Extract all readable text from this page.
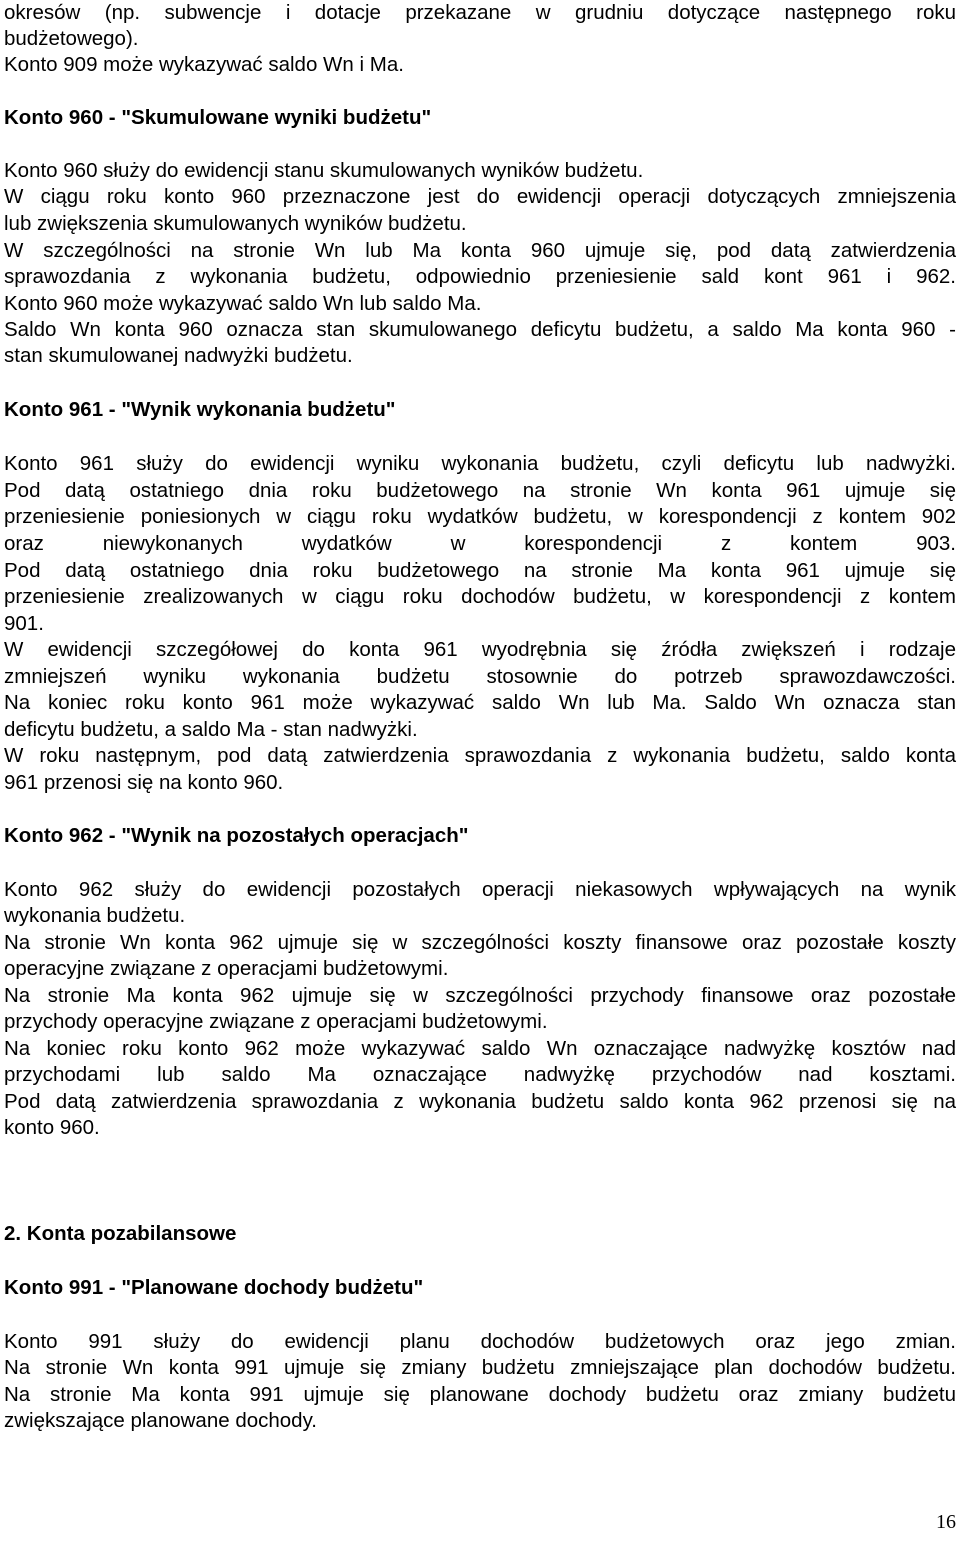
okresów (np. subwencje i dotacje przekazane w grudniu dotyczące następnego roku
budżetowego).
Konto 909 może wykazywać saldo Wn i Ma.
Konto 960 - "Skumulowane wyniki budżetu"
Konto 960 służy do ewidencji stanu skumulowanych wyników budżetu.
W ciągu roku konto 960 przeznaczone jest do ewidencji operacji dotyczących zmniejszenia
lub zwiększenia skumulowanych wyników budżetu.
W szczególności na stronie Wn lub Ma konta 960 ujmuje się, pod datą zatwierdzenia
sprawozdania z wykonania budżetu, odpowiednio przeniesienie sald kont 961 i 962.
Konto 960 może wykazywać saldo Wn lub saldo Ma.
Saldo Wn konta 960 oznacza stan skumulowanego deficytu budżetu, a saldo Ma konta 960 -
stan skumulowanej nadwyżki budżetu.
Konto 961 - "Wynik wykonania budżetu"
Konto 961 służy do ewidencji wyniku wykonania budżetu, czyli deficytu lub nadwyżki.
Pod datą ostatniego dnia roku budżetowego na stronie Wn konta 961 ujmuje się
przeniesienie poniesionych w ciągu roku wydatków budżetu, w korespondencji z kontem 902
oraz niewykonanych wydatków w korespondencji z kontem 903.
Pod datą ostatniego dnia roku budżetowego na stronie Ma konta 961 ujmuje się
przeniesienie zrealizowanych w ciągu roku dochodów budżetu, w korespondencji z kontem
901.
W ewidencji szczegółowej do konta 961 wyodrębnia się źródła zwiększeń i rodzaje
zmniejszeń wyniku wykonania budżetu stosownie do potrzeb sprawozdawczości.
Na koniec roku konto 961 może wykazywać saldo Wn lub Ma. Saldo Wn oznacza stan
deficytu budżetu, a saldo Ma - stan nadwyżki.
W roku następnym, pod datą zatwierdzenia sprawozdania z wykonania budżetu, saldo konta
961 przenosi się na konto 960.
Konto 962 - "Wynik na pozostałych operacjach"
Konto 962 służy do ewidencji pozostałych operacji niekasowych wpływających na wynik
wykonania budżetu.
Na stronie Wn konta 962 ujmuje się w szczególności koszty finansowe oraz pozostałe koszty
operacyjne związane z operacjami budżetowymi.
Na stronie Ma konta 962 ujmuje się w szczególności przychody finansowe oraz pozostałe
przychody operacyjne związane z operacjami budżetowymi.
Na koniec roku konto 962 może wykazywać saldo Wn oznaczające nadwyżkę kosztów nad
przychodami lub saldo Ma oznaczające nadwyżkę przychodów nad kosztami.
Pod datą zatwierdzenia sprawozdania z wykonania budżetu saldo konta 962 przenosi się na
konto 960.
2. Konta pozabilansowe
Konto 991 - "Planowane dochody budżetu"
Konto 991 służy do ewidencji planu dochodów budżetowych oraz jego zmian.
Na stronie Wn konta 991 ujmuje się zmiany budżetu zmniejszające plan dochodów budżetu.
Na stronie Ma konta 991 ujmuje się planowane dochody budżetu oraz zmiany budżetu
zwiększające planowane dochody.
16
